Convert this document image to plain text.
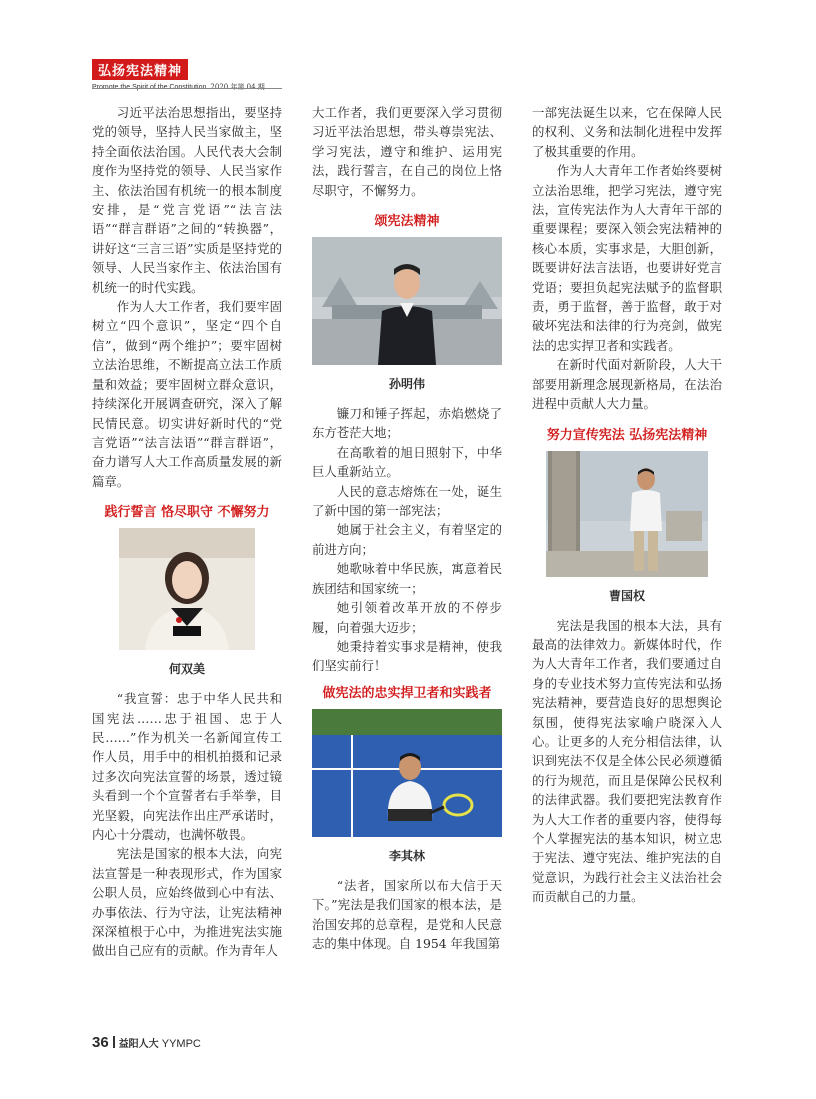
弘扬宪法精神
Promote the Spirit of the Constitution 2020 年第 04 期

习近平法治思想指出，要坚持党的领导，坚持人民当家做主，坚持全面依法治国。人民代表大会制度作为坚持党的领导、人民当家作主、依法治国有机统一的根本制度安排，是“党言党语”“法言法语”“群言群语”之间的“转换器”，讲好这“三言三语”实质是坚持党的领导、人民当家作主、依法治国有机统一的时代实践。

作为人大工作者，我们要牢固树立“四个意识”，坚定“四个自信”，做到“两个维护”；要牢固树立法治思维，不断提高立法工作质量和效益；要牢固树立群众意识，持续深化开展调查研究，深入了解民情民意。切实讲好新时代的“党言党语”“法言法语”“群言群语”，奋力谱写人大工作高质量发展的新篇章。

践行誓言 恪尽职守 不懈努力
何双美

“我宣誓：忠于中华人民共和国宪法……忠于祖国、忠于人民……”作为机关一名新闻宣传工作人员，用手中的相机拍摄和记录过多次向宪法宣誓的场景，透过镜头看到一个个宣誓者右手举拳，目光坚毅，向宪法作出庄严承诺时，内心十分震动，也满怀敬畏。

宪法是国家的根本大法，向宪法宣誓是一种表现形式，作为国家公职人员，应始终做到心中有法、办事依法、行为守法，让宪法精神深深植根于心中，为推进宪法实施做出自己应有的贡献。作为青年人

大工作者，我们更要深入学习贯彻习近平法治思想，带头尊崇宪法、学习宪法，遵守和维护、运用宪法，践行誓言，在自己的岗位上恪尽职守，不懈努力。

颂宪法精神
孙明伟

镰刀和锤子挥起，赤焰燃烧了东方苍茫大地；

在高歌着的旭日照射下，中华巨人重新站立。

人民的意志熔炼在一处，诞生了新中国的第一部宪法；

她属于社会主义，有着坚定的前进方向；

她歌咏着中华民族，寓意着民族团结和国家统一；

她引领着改革开放的不停步履，向着强大迈步；

她秉持着实事求是精神，使我们坚实前行！

做宪法的忠实捍卫者和实践者
李其林

“法者，国家所以布大信于天下。”宪法是我们国家的根本法，是治国安邦的总章程，是党和人民意志的集中体现。自 1954 年我国第

一部宪法诞生以来，它在保障人民的权利、义务和法制化进程中发挥了极其重要的作用。

作为人大青年工作者始终要树立法治思维，把学习宪法，遵守宪法，宣传宪法作为人大青年干部的重要课程；要深入领会宪法精神的核心本质，实事求是，大胆创新，既要讲好法言法语，也要讲好党言党语；要担负起宪法赋予的监督职责，勇于监督，善于监督，敢于对破坏宪法和法律的行为亮剑，做宪法的忠实捍卫者和实践者。

在新时代面对新阶段，人大干部要用新理念展现新格局，在法治进程中贡献人大力量。

努力宣传宪法 弘扬宪法精神
曹国权

宪法是我国的根本大法，具有最高的法律效力。新媒体时代，作为人大青年工作者，我们要通过自身的专业技术努力宣传宪法和弘扬宪法精神，要营造良好的思想舆论氛围，使得宪法家喻户晓深入人心。让更多的人充分相信法律，认识到宪法不仅是全体公民必须遵循的行为规范，而且是保障公民权利的法律武器。我们要把宪法教育作为人大工作者的重要内容，使得每个人掌握宪法的基本知识，树立忠于宪法、遵守宪法、维护宪法的自觉意识，为践行社会主义法治社会而贡献自己的力量。

36 益阳人大 YYMPC
